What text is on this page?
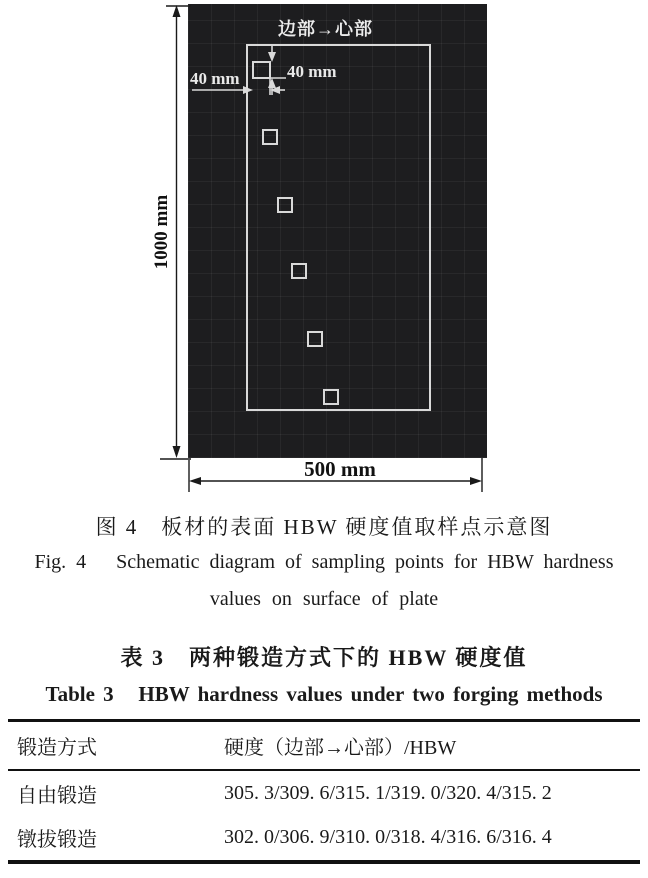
边部→心部
40 mm	40 mm
1000 mm
500 mm
图 4　板材的表面 HBW 硬度值取样点示意图
Fig. 4   Schematic diagram of sampling points for HBW hardness
values on surface of plate
表 3　两种锻造方式下的 HBW 硬度值
Table 3   HBW hardness values under two forging methods
锻造方式	硬度（边部→心部）/HBW
自由锻造	305. 3/309. 6/315. 1/319. 0/320. 4/315. 2
镦拔锻造	302. 0/306. 9/310. 0/318. 4/316. 6/316. 4
